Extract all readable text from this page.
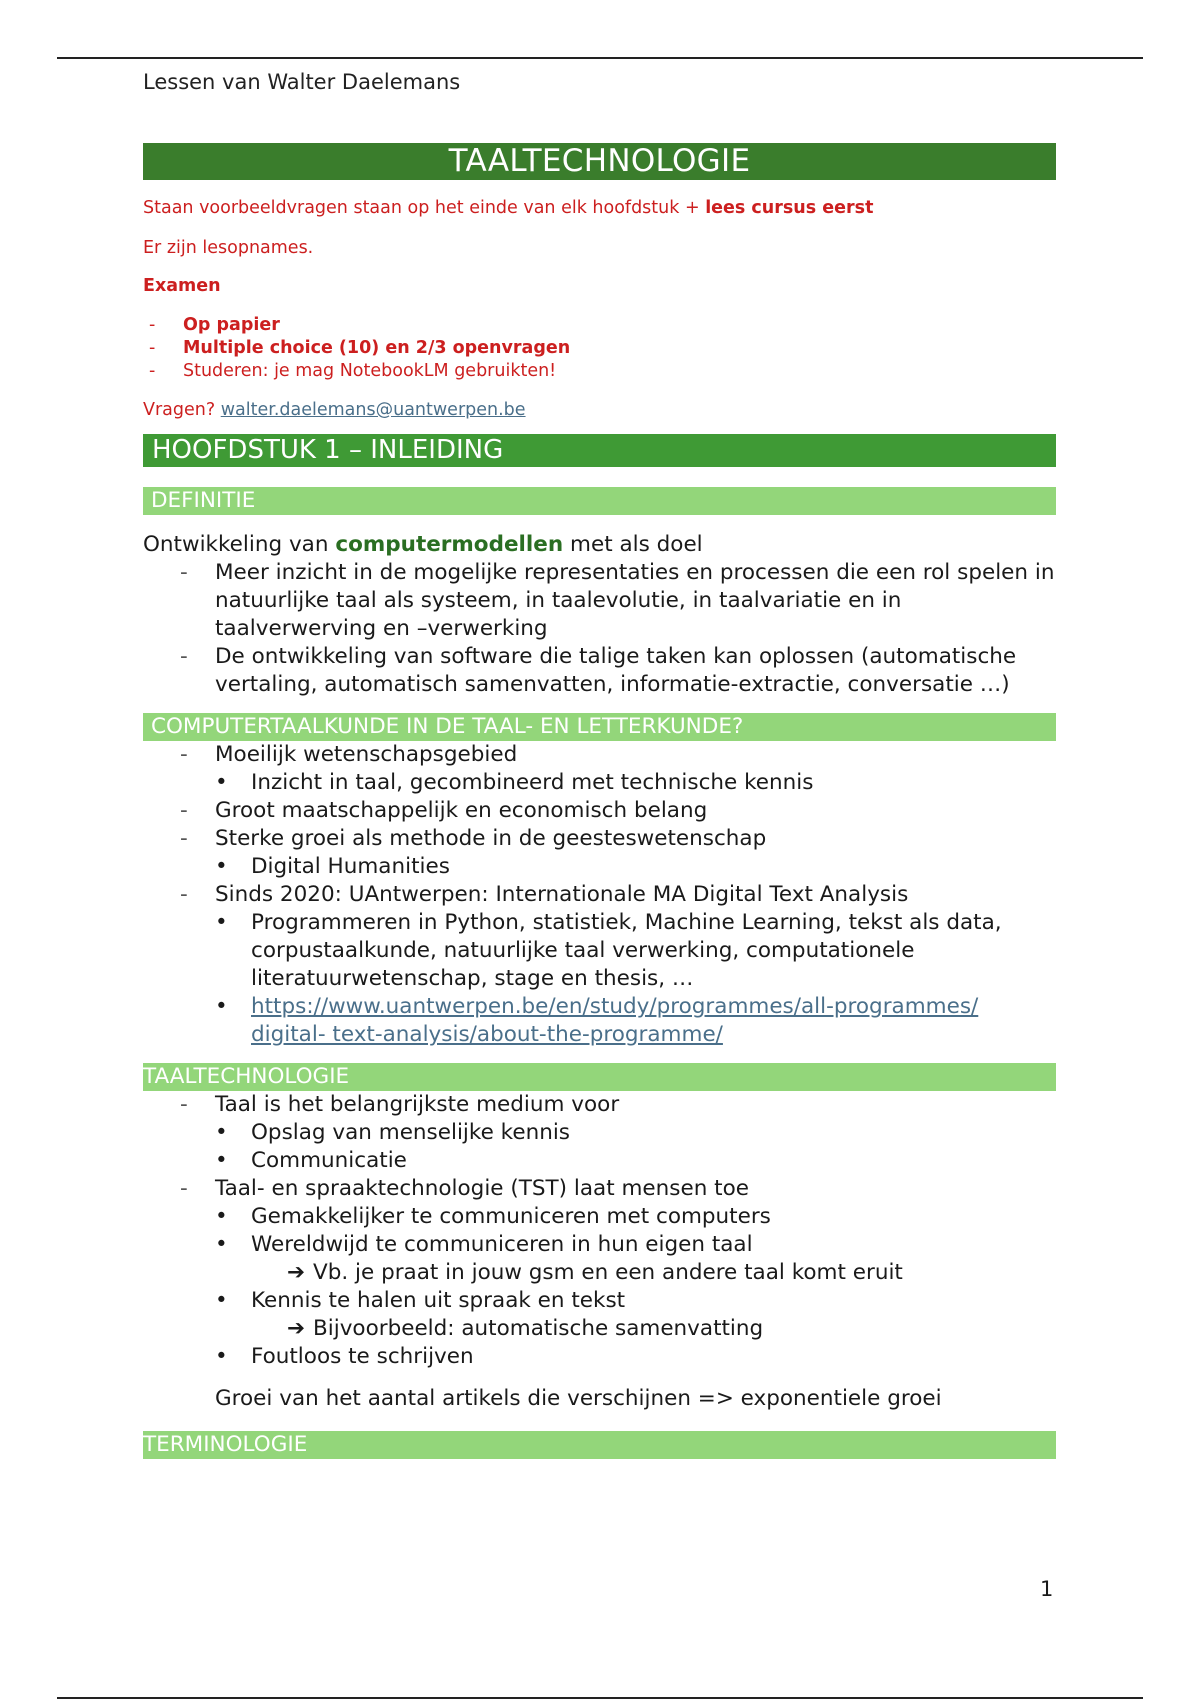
Lessen van Walter Daelemans
TAALTECHNOLOGIE
Staan voorbeeldvragen staan op het einde van elk hoofdstuk + lees cursus eerst
Er zijn lesopnames.
Examen
- Op papier
- Multiple choice (10) en 2/3 openvragen
- Studeren: je mag NotebookLM gebruikten!
Vragen? walter.daelemans@uantwerpen.be
HOOFDSTUK 1 – INLEIDING
DEFINITIE
Ontwikkeling van computermodellen met als doel
- Meer inzicht in de mogelijke representaties en processen die een rol spelen in natuurlijke taal als systeem, in taalevolutie, in taalvariatie en in taalverwerving en –verwerking
- De ontwikkeling van software die talige taken kan oplossen (automatische vertaling, automatisch samenvatten, informatie-extractie, conversatie …)
COMPUTERTAALKUNDE IN DE TAAL- EN LETTERKUNDE?
- Moeilijk wetenschapsgebied
• Inzicht in taal, gecombineerd met technische kennis
- Groot maatschappelijk en economisch belang
- Sterke groei als methode in de geesteswetenschap
• Digital Humanities
- Sinds 2020: UAntwerpen: Internationale MA Digital Text Analysis
• Programmeren in Python, statistiek, Machine Learning, tekst als data, corpustaalkunde, natuurlijke taal verwerking, computationele literatuurwetenschap, stage en thesis, …
• https://www.uantwerpen.be/en/study/programmes/all-programmes/
digital- text-analysis/about-the-programme/
TAALTECHNOLOGIE
- Taal is het belangrijkste medium voor
• Opslag van menselijke kennis
• Communicatie
- Taal- en spraaktechnologie (TST) laat mensen toe
• Gemakkelijker te communiceren met computers
• Wereldwijd te communiceren in hun eigen taal
➔ Vb. je praat in jouw gsm en een andere taal komt eruit
• Kennis te halen uit spraak en tekst
➔ Bijvoorbeeld: automatische samenvatting
• Foutloos te schrijven
Groei van het aantal artikels die verschijnen => exponentiele groei
TERMINOLOGIE
1
